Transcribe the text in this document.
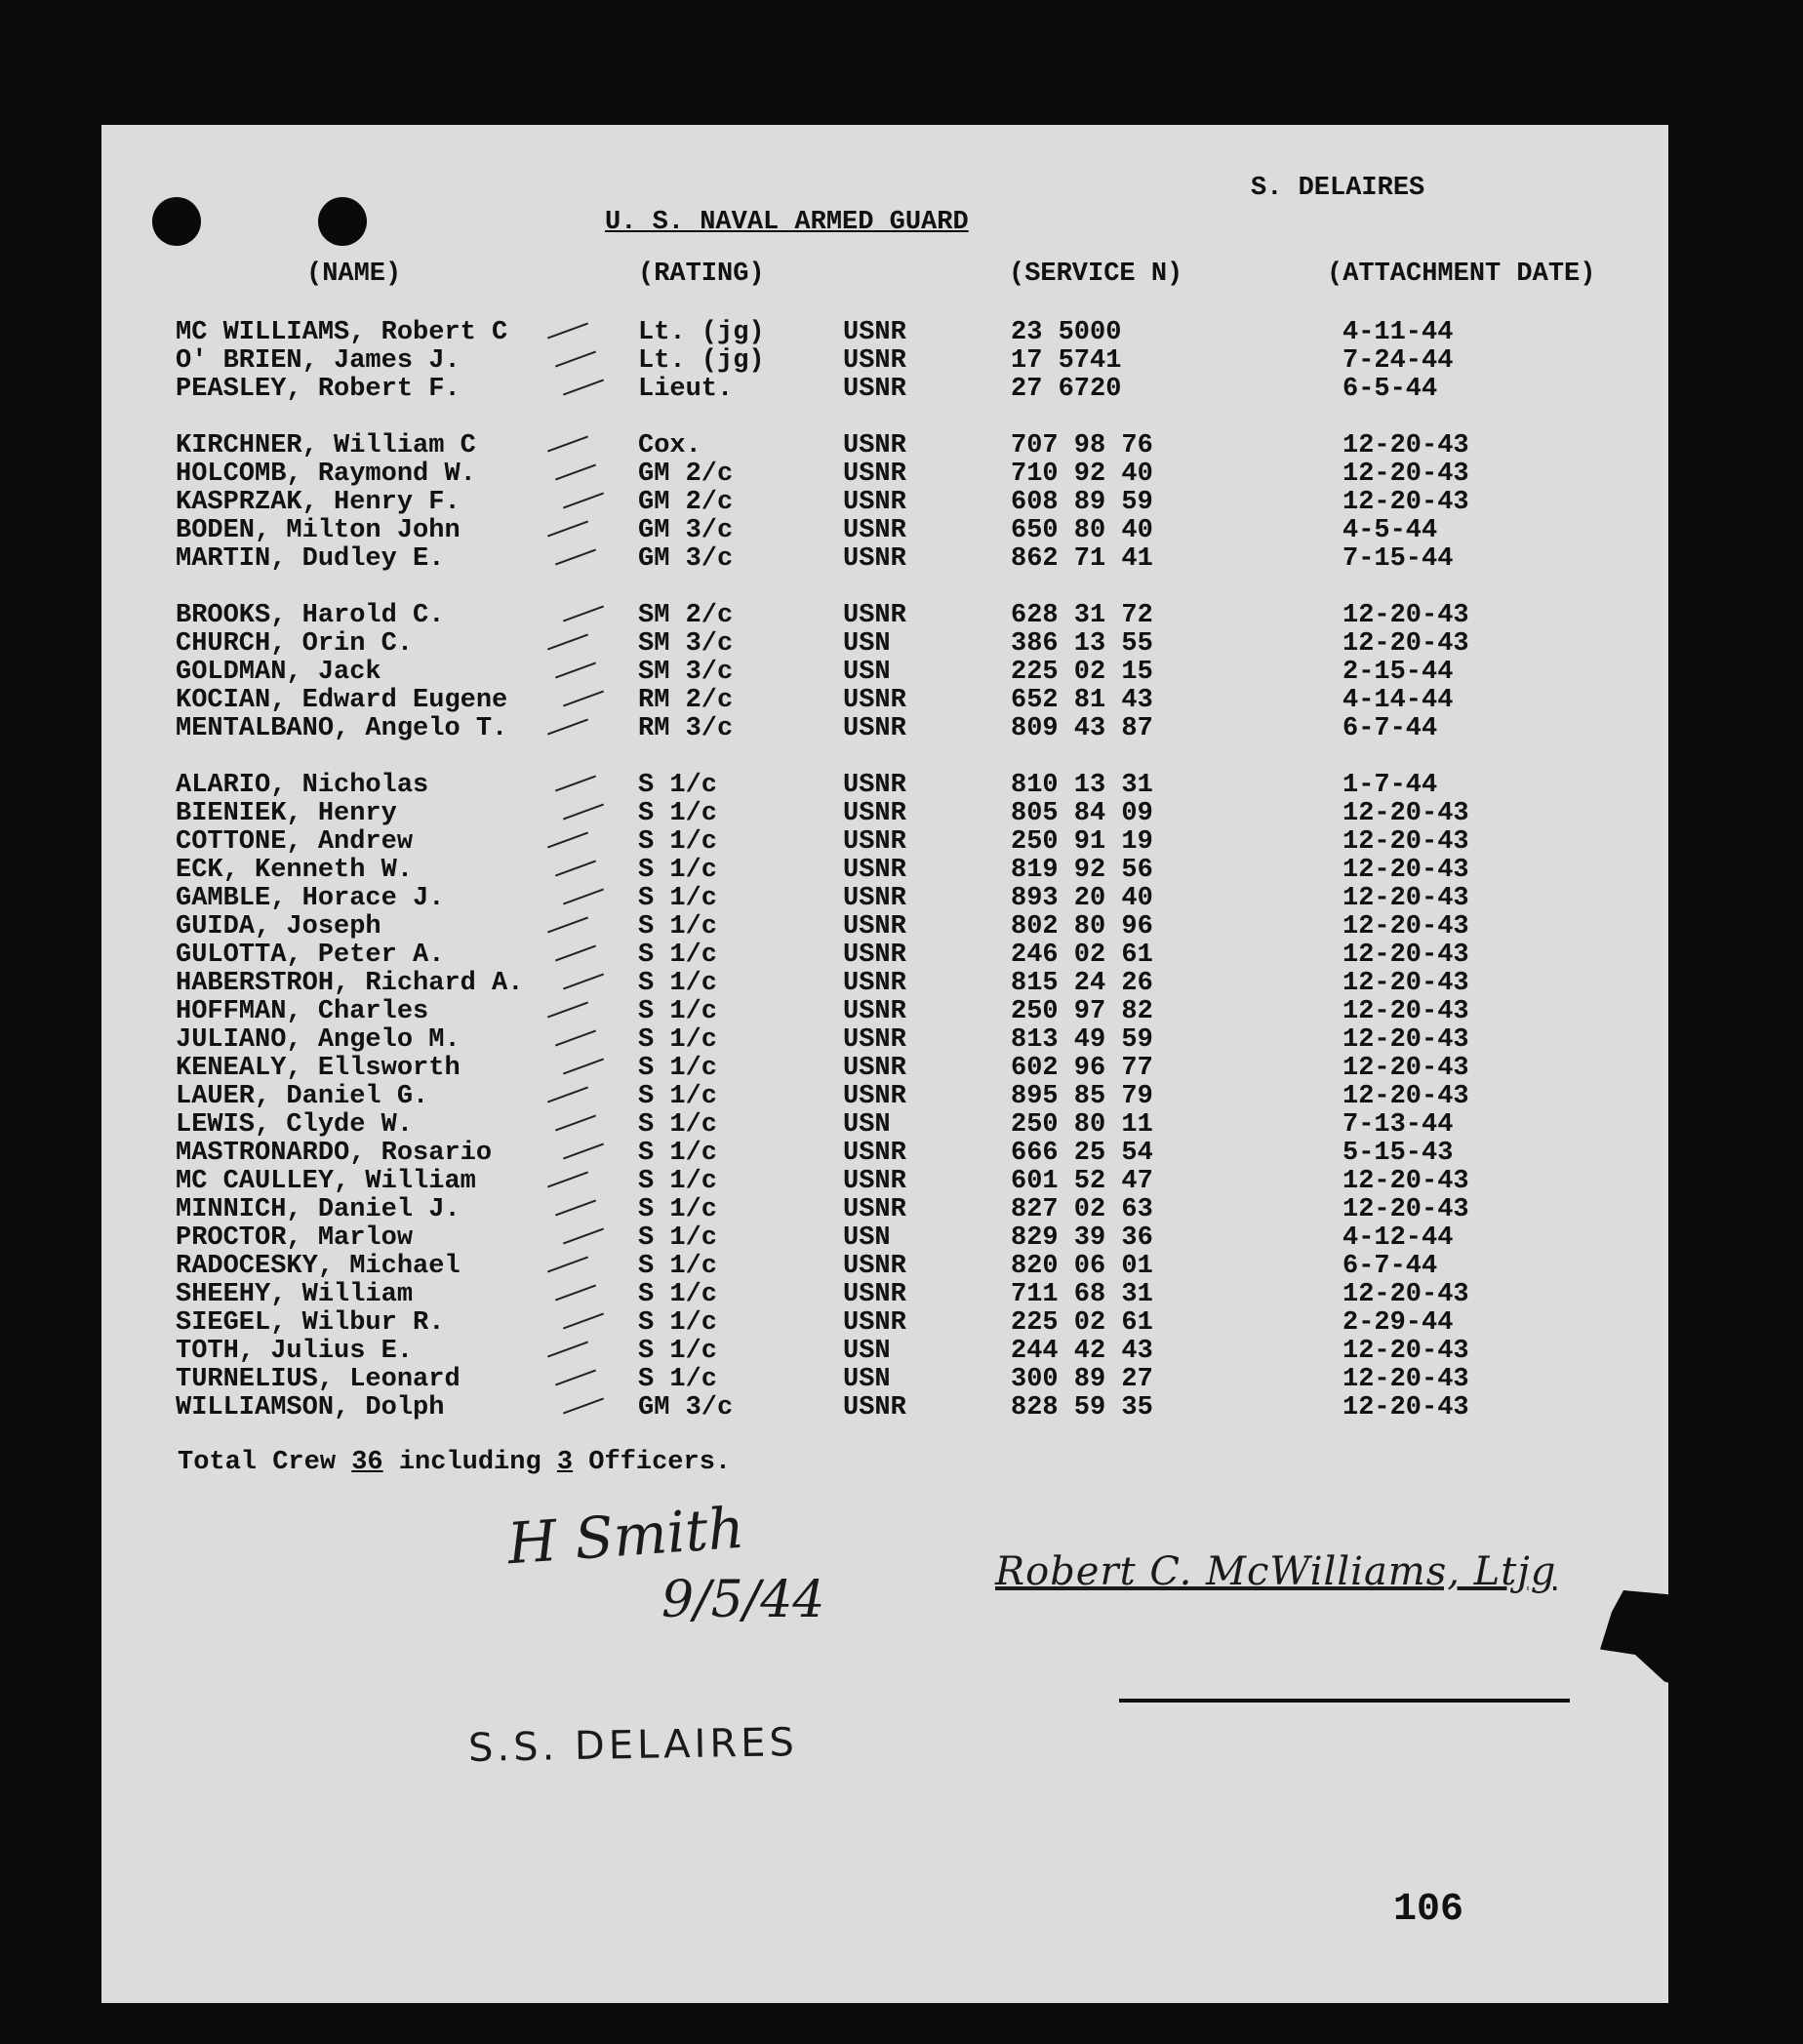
S. DELAIRES
U. S. NAVAL ARMED GUARD
(NAME)	(RATING)	(SERVICE N)	(ATTACHMENT DATE)
MC WILLIAMS, Robert C	Lt. (jg)	USNR	23 5000	4-11-44
O' BRIEN, James J.	Lt. (jg)	USNR	17 5741	7-24-44
PEASLEY, Robert F.	Lieut.	USNR	27 6720	6-5-44
KIRCHNER, William C	Cox.	USNR	707 98 76	12-20-43
HOLCOMB, Raymond W.	GM 2/c	USNR	710 92 40	12-20-43
KASPRZAK, Henry F.	GM 2/c	USNR	608 89 59	12-20-43
BODEN, Milton John	GM 3/c	USNR	650 80 40	4-5-44
MARTIN, Dudley E.	GM 3/c	USNR	862 71 41	7-15-44
BROOKS, Harold C.	SM 2/c	USNR	628 31 72	12-20-43
CHURCH, Orin C.	SM 3/c	USN	386 13 55	12-20-43
GOLDMAN, Jack	SM 3/c	USN	225 02 15	2-15-44
KOCIAN, Edward Eugene	RM 2/c	USNR	652 81 43	4-14-44
MENTALBANO, Angelo T.	RM 3/c	USNR	809 43 87	6-7-44
ALARIO, Nicholas	S 1/c	USNR	810 13 31	1-7-44
BIENIEK, Henry	S 1/c	USNR	805 84 09	12-20-43
COTTONE, Andrew	S 1/c	USNR	250 91 19	12-20-43
ECK, Kenneth W.	S 1/c	USNR	819 92 56	12-20-43
GAMBLE, Horace J.	S 1/c	USNR	893 20 40	12-20-43
GUIDA, Joseph	S 1/c	USNR	802 80 96	12-20-43
GULOTTA, Peter A.	S 1/c	USNR	246 02 61	12-20-43
HABERSTROH, Richard A.	S 1/c	USNR	815 24 26	12-20-43
HOFFMAN, Charles	S 1/c	USNR	250 97 82	12-20-43
JULIANO, Angelo M.	S 1/c	USNR	813 49 59	12-20-43
KENEALY, Ellsworth	S 1/c	USNR	602 96 77	12-20-43
LAUER, Daniel G.	S 1/c	USNR	895 85 79	12-20-43
LEWIS, Clyde W.	S 1/c	USN	250 80 11	7-13-44
MASTRONARDO, Rosario	S 1/c	USNR	666 25 54	5-15-43
MC CAULLEY, William	S 1/c	USNR	601 52 47	12-20-43
MINNICH, Daniel J.	S 1/c	USNR	827 02 63	12-20-43
PROCTOR, Marlow	S 1/c	USN	829 39 36	4-12-44
RADOCESKY, Michael	S 1/c	USNR	820 06 01	6-7-44
SHEEHY, William	S 1/c	USNR	711 68 31	12-20-43
SIEGEL, Wilbur R.	S 1/c	USNR	225 02 61	2-29-44
TOTH, Julius E.	S 1/c	USN	244 42 43	12-20-43
TURNELIUS, Leonard	S 1/c	USN	300 89 27	12-20-43
WILLIAMSON, Dolph	GM 3/c	USNR	828 59 35	12-20-43
Total Crew 36 including 3 Officers.
H Smith
9/5/44	Robert C. McWilliams, Ltjg
S.S. DELAIRES
106
